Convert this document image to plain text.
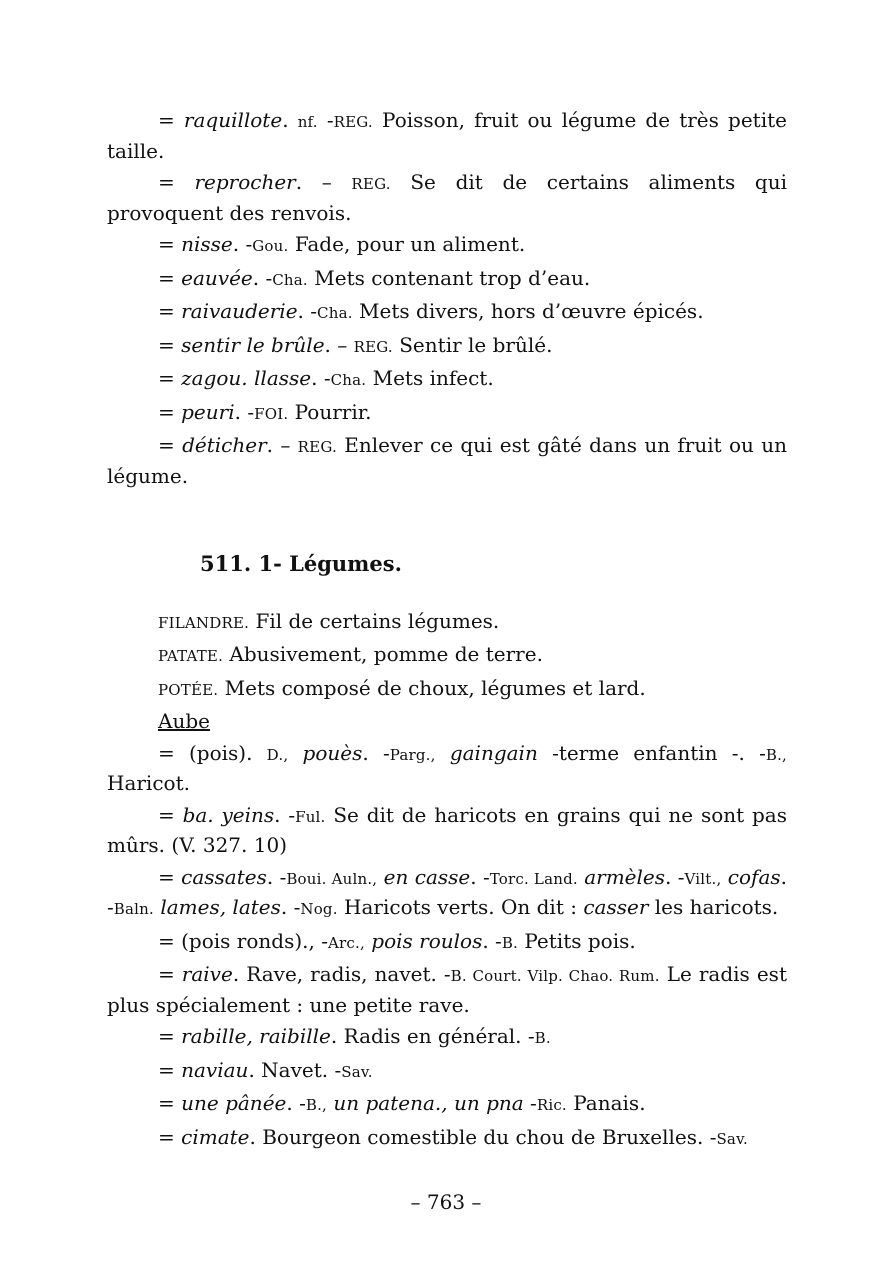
= raquillote. nf. -REG. Poisson, fruit ou légume de très petite taille.

= reprocher. – REG. Se dit de certains aliments qui provoquent des renvois.

= nisse. -Gou. Fade, pour un aliment.

= eauvée. -Cha. Mets contenant trop d’eau.

= raivauderie. -Cha. Mets divers, hors d’œuvre épicés.

= sentir le brûle. – REG. Sentir le brûlé.

= zagou. llasse. -Cha. Mets infect.

= peuri. -FOI. Pourrir.

= déticher. – REG. Enlever ce qui est gâté dans un fruit ou un légume.

511. 1- Légumes.

FILANDRE. Fil de certains légumes.

PATATE. Abusivement, pomme de terre.

POTÉE. Mets composé de choux, légumes et lard.

Aube

= (pois). D., pouès. -Parg., gaingain -terme enfantin -. -B., Haricot.

= ba. yeins. -Ful. Se dit de haricots en grains qui ne sont pas mûrs. (V. 327. 10)

= cassates. -Boui. Auln., en casse. -Torc. Land. armèles. -Vilt., cofas. -Baln. lames, lates. -Nog. Haricots verts. On dit : casser les haricots.

= (pois ronds)., -Arc., pois roulos. -B. Petits pois.

= raive. Rave, radis, navet. -B. Court. Vilp. Chao. Rum. Le radis est plus spécialement : une petite rave.

= rabille, raibille. Radis en général. -B.

= naviau. Navet. -Sav.

= une pânée. -B., un patena., un pna -Ric. Panais.

= cimate. Bourgeon comestible du chou de Bruxelles. -Sav.

– 763 –
